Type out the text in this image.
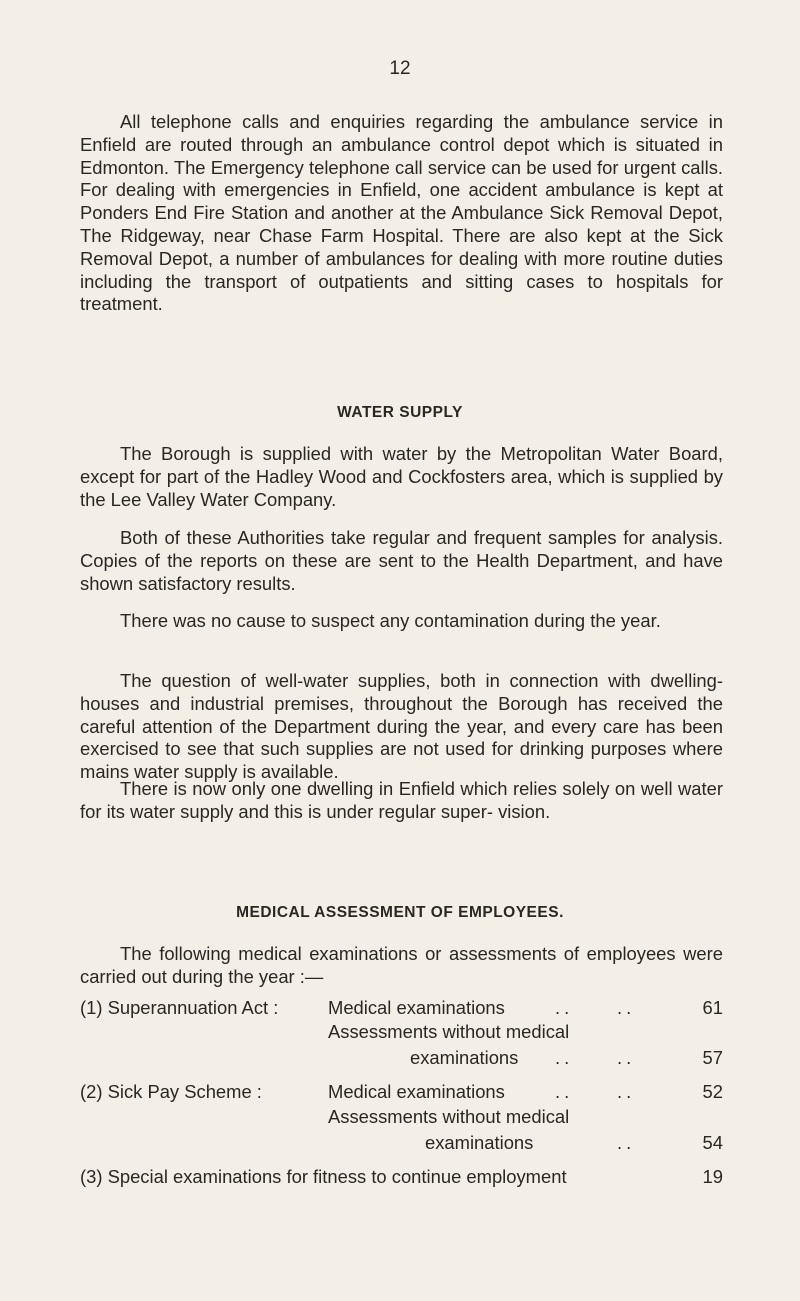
12

All telephone calls and enquiries regarding the ambulance service in Enfield are routed through an ambulance control depot which is situated in Edmonton. The Emergency telephone call service can be used for urgent calls. For dealing with emergencies in Enfield, one accident ambulance is kept at Ponders End Fire Station and another at the Ambulance Sick Removal Depot, The Ridgeway, near Chase Farm Hospital. There are also kept at the Sick Removal Depot, a number of ambulances for dealing with more routine duties including the transport of outpatients and sitting cases to hospitals for treatment.

WATER SUPPLY

The Borough is supplied with water by the Metropolitan Water Board, except for part of the Hadley Wood and Cockfosters area, which is supplied by the Lee Valley Water Company.

Both of these Authorities take regular and frequent samples for analysis. Copies of the reports on these are sent to the Health Department, and have shown satisfactory results.

There was no cause to suspect any contamination during the year.

The question of well-water supplies, both in connection with dwelling-houses and industrial premises, throughout the Borough has received the careful attention of the Department during the year, and every care has been exercised to see that such supplies are not used for drinking purposes where mains water supply is available.

There is now only one dwelling in Enfield which relies solely on well water for its water supply and this is under regular super- vision.

MEDICAL ASSESSMENT OF EMPLOYEES.

The following medical examinations or assessments of employees were carried out during the year :—

(1) Superannuation Act :	Medical examinations	.. ..	61
Assessments without medical
examinations .. ..	57
(2) Sick Pay Scheme :	Medical examinations	.. ..	52
Assessments without medical
examinations	..	54
(3) Special examinations for fitness to continue employment	19
